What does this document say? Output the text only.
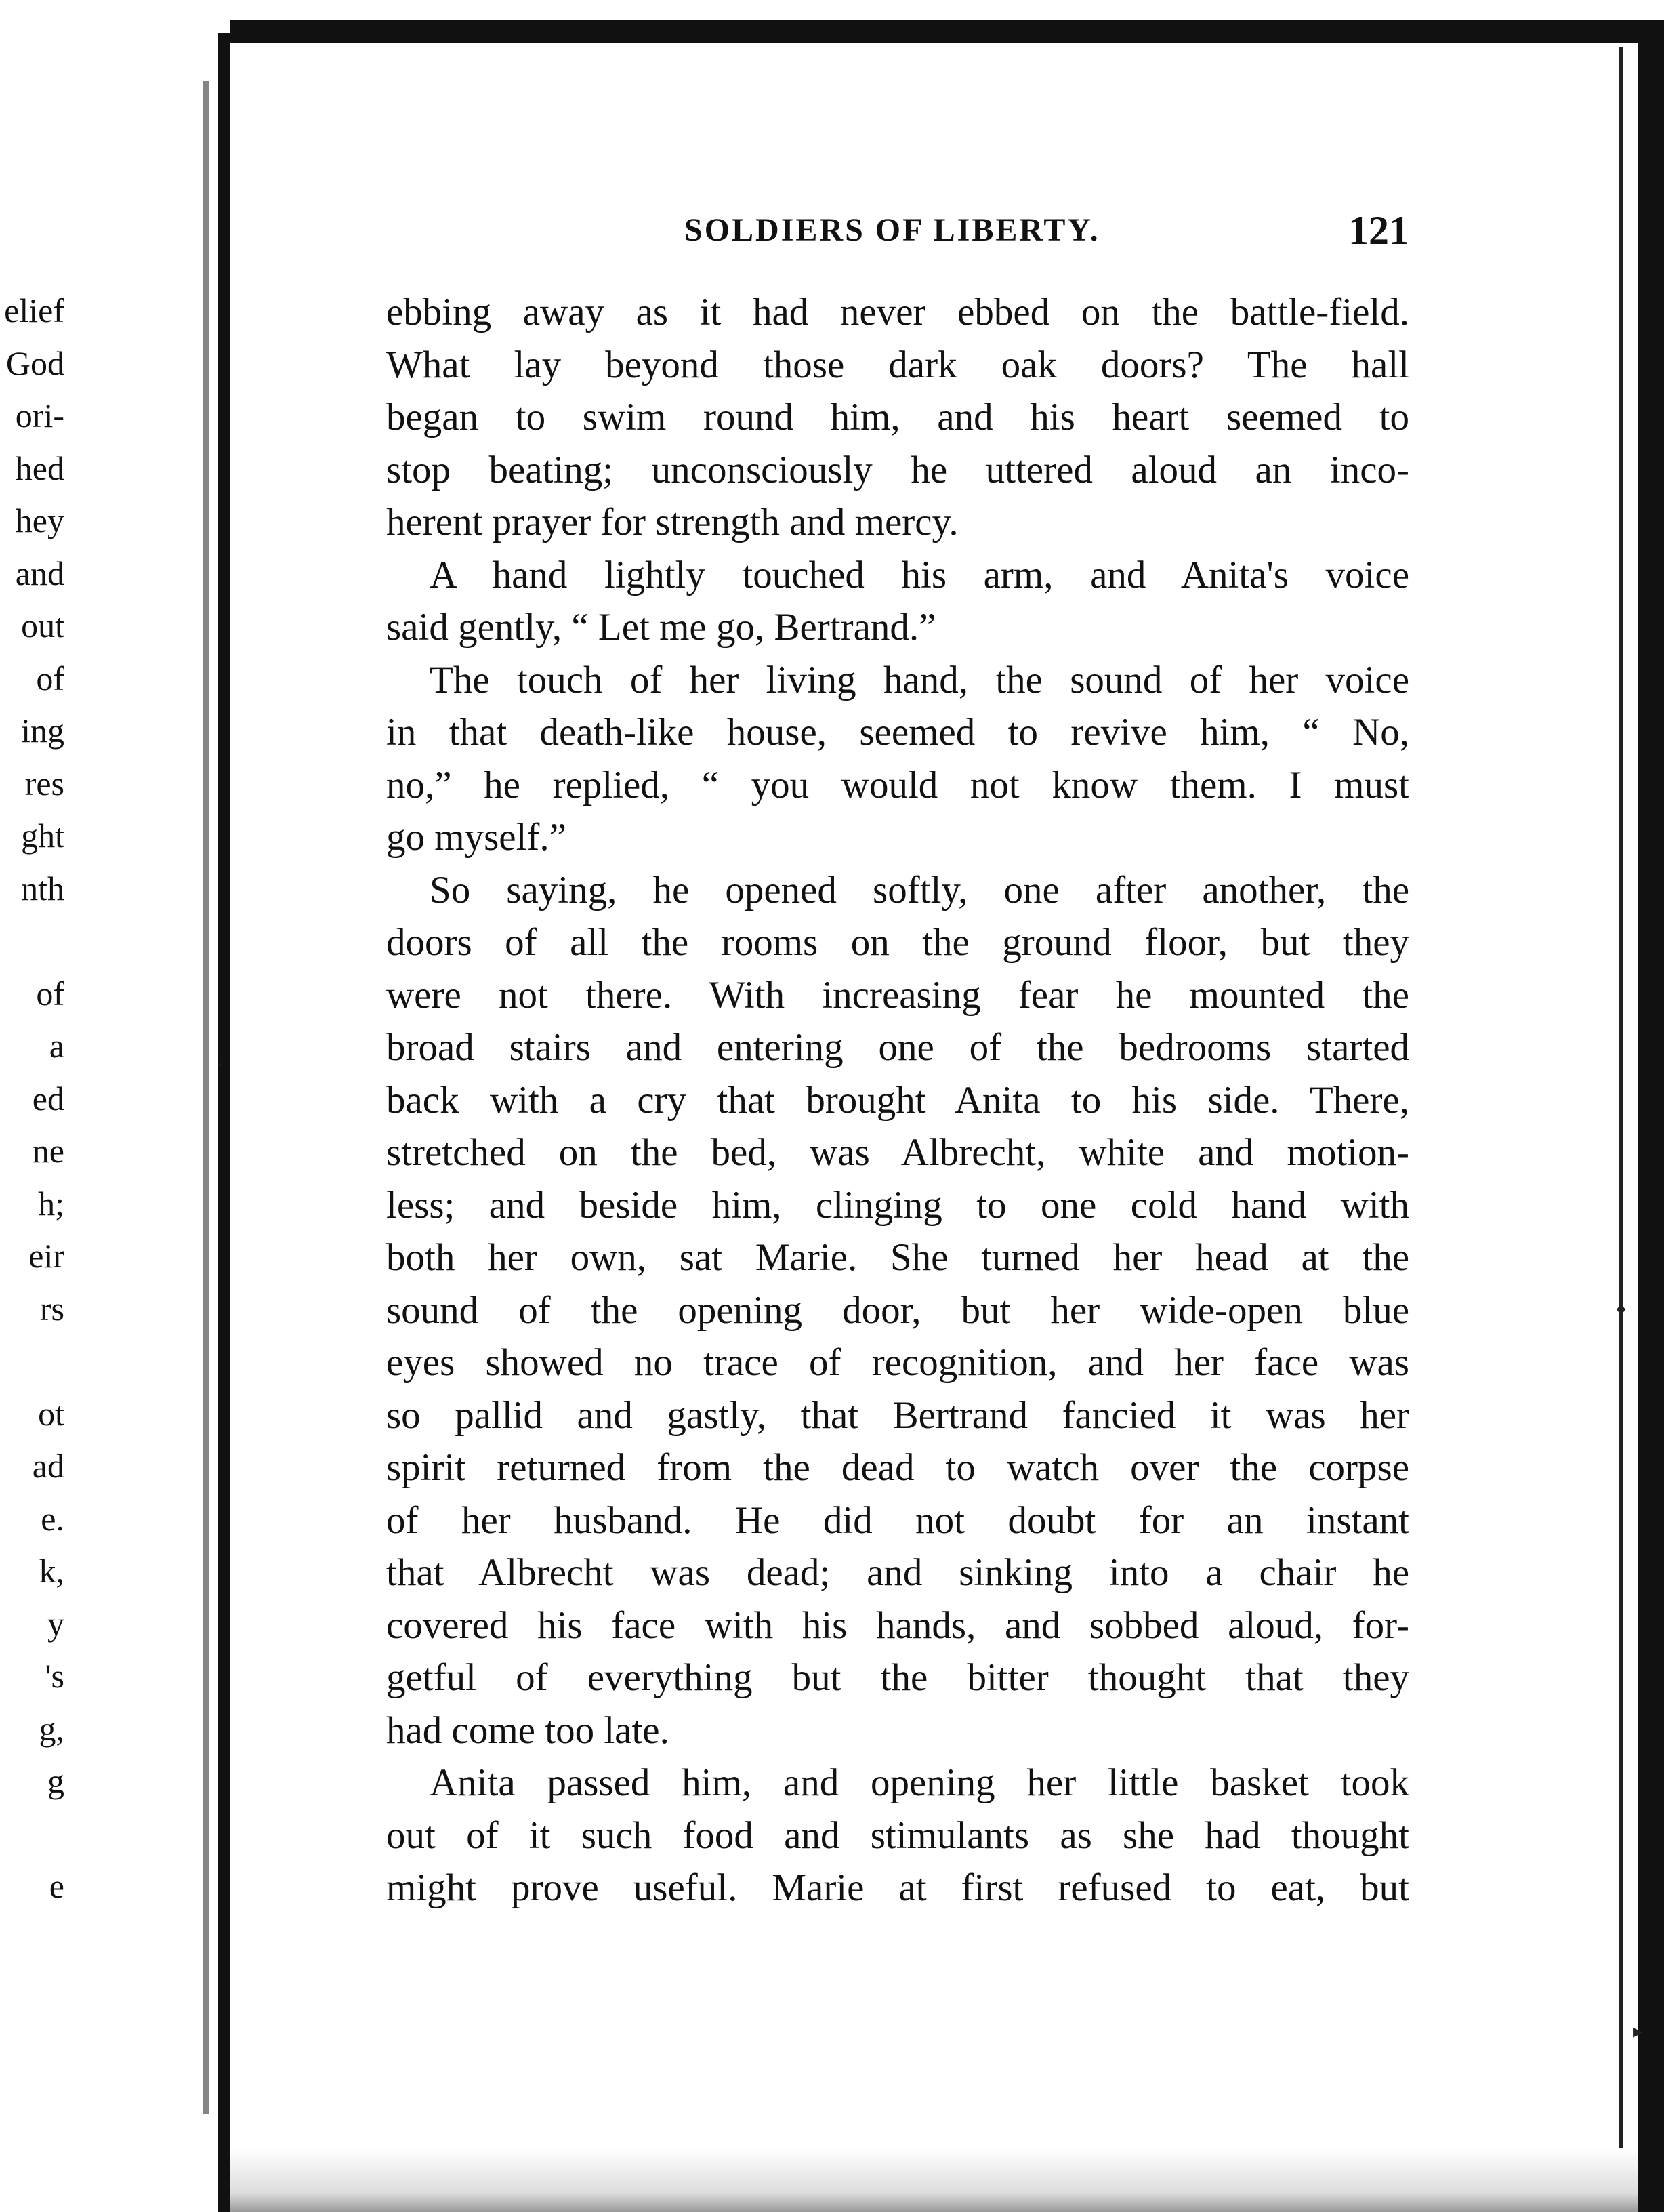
elief
God
ori-
hed
hey
and
out
of
ing
res
ght
nth
of
a
ed
ne
h;
eir
rs
ot
ad
e.
k,
y
's
g,
g
e
SOLDIERS OF LIBERTY.	121
ebbing away as it had never ebbed on the battle-field.
What lay beyond those dark oak doors? The hall
began to swim round him, and his heart seemed to
stop beating; unconsciously he uttered aloud an inco-
herent prayer for strength and mercy.
A hand lightly touched his arm, and Anita's voice
said gently, “ Let me go, Bertrand.”
The touch of her living hand, the sound of her voice
in that death-like house, seemed to revive him, “ No,
no,” he replied, “ you would not know them. I must
go myself.”
So saying, he opened softly, one after another, the
doors of all the rooms on the ground floor, but they
were not there. With increasing fear he mounted the
broad stairs and entering one of the bedrooms started
back with a cry that brought Anita to his side. There,
stretched on the bed, was Albrecht, white and motion-
less; and beside him, clinging to one cold hand with
both her own, sat Marie. She turned her head at the
sound of the opening door, but her wide-open blue
eyes showed no trace of recognition, and her face was
so pallid and gastly, that Bertrand fancied it was her
spirit returned from the dead to watch over the corpse
of her husband. He did not doubt for an instant
that Albrecht was dead; and sinking into a chair he
covered his face with his hands, and sobbed aloud, for-
getful of everything but the bitter thought that they
had come too late.
Anita passed him, and opening her little basket took
out of it such food and stimulants as she had thought
might prove useful. Marie at first refused to eat, but
·
♦
▸
